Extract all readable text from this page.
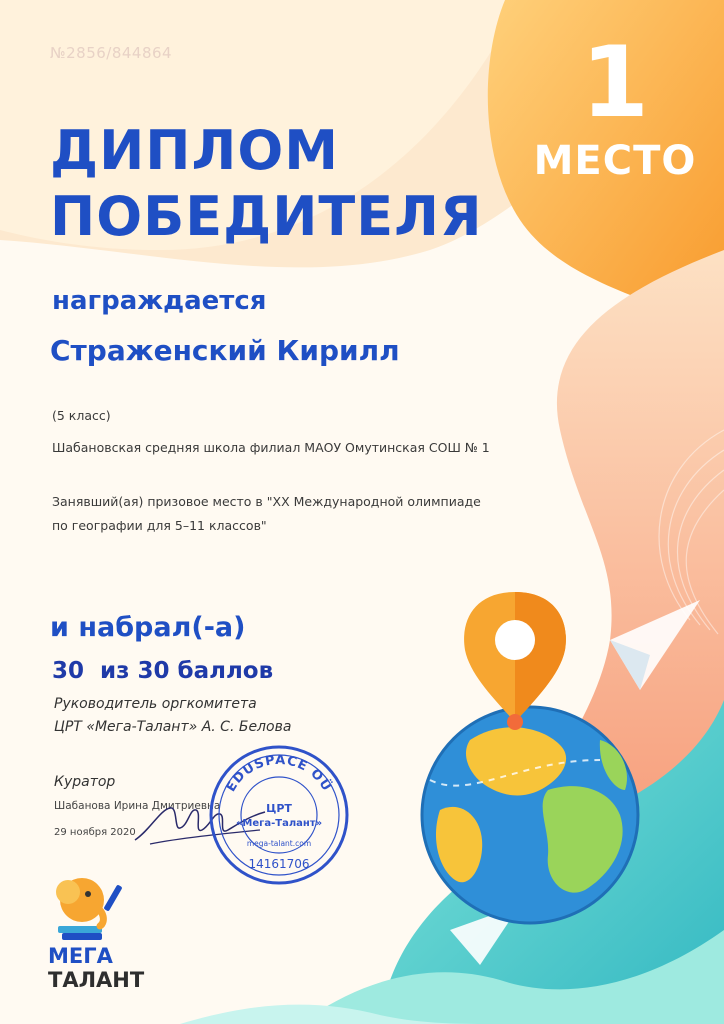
№2856/844864
ДИПЛОМ
ПОБЕДИТЕЛЯ
1
МЕСТО
награждается
Страженский Кирилл
(5 класс)
Шабановская средняя школа филиал МАОУ Омутинская СОШ № 1
Занявший(ая) призовое место в "XX Международной олимпиаде по географии для 5–11 классов"
и набрал(-а)
30 из 30 баллов
Руководитель оргкомитета
ЦРТ «Мега-Талант» А. С. Белова
Куратор
Шабанова Ирина Дмитриевна
29 ноября 2020
EDUSPACE OÜ
ЦРТ
«Мега-Талант»
mega-talant.com
14161706
МЕГА
ТАЛАНТ
